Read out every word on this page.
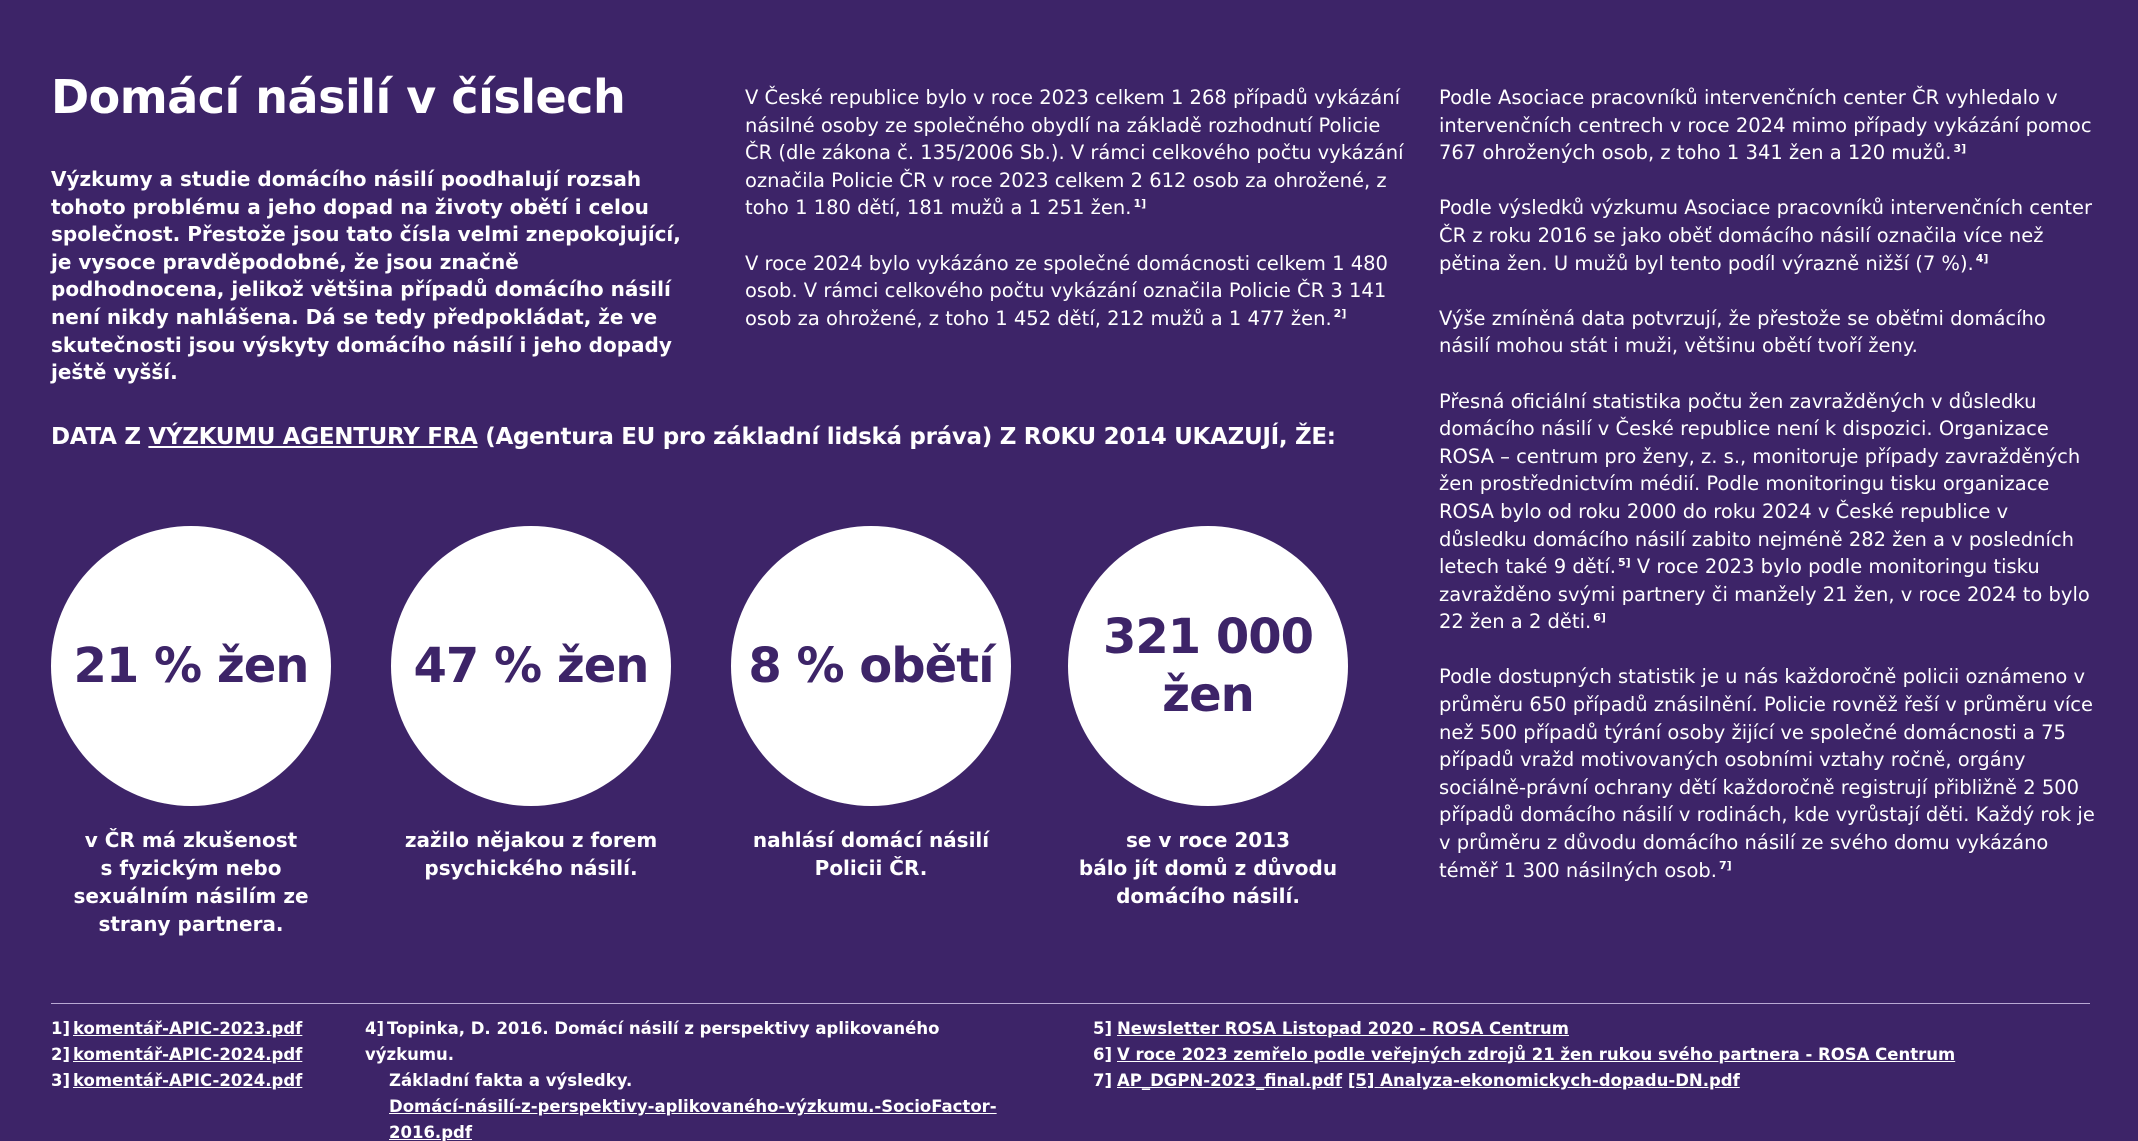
Domácí násilí v číslech

Výzkumy a studie domácího násilí poodhalují rozsah tohoto problému a jeho dopad na životy obětí i celou společnost. Přestože jsou tato čísla velmi znepokojující, je vysoce pravděpodobné, že jsou značně podhodnocena, jelikož většina případů domácího násilí není nikdy nahlášena. Dá se tedy předpokládat, že ve skutečnosti jsou výskyty domácího násilí i jeho dopady ještě vyšší.

V České republice bylo v roce 2023 celkem 1 268 případů vykázání násilné osoby ze společného obydlí na základě rozhodnutí Policie ČR (dle zákona č. 135/2006 Sb.). V rámci celkového počtu vykázání označila Policie ČR v roce 2023 celkem 2 612 osob za ohrožené, z toho 1 180 dětí, 181 mužů a 1 251 žen. $^{1]}$

V roce 2024 bylo vykázáno ze společné domácnosti celkem 1 480 osob. V rámci celkového počtu vykázání označila Policie ČR 3 141 osob za ohrožené, z toho 1 452 dětí, 212 mužů a 1 477 žen. $^{2]}$

Podle Asociace pracovníků intervenčních center ČR vyhledalo v intervenčních centrech v roce 2024 mimo případy vykázání pomoc 767 ohrožených osob, z toho 1 341 žen a 120 mužů. $^{3]}$

Podle výsledků výzkumu Asociace pracovníků intervenčních center ČR z roku 2016 se jako oběť domácího násilí označila více než pětina žen. U mužů byl tento podíl výrazně nižší (7 %). $^{4]}$

Výše zmíněná data potvrzují, že přestože se oběťmi domácího násilí mohou stát i muži, většinu obětí tvoří ženy.

Přesná oficiální statistika počtu žen zavražděných v důsledku domácího násilí v České republice není k dispozici. Organizace ROSA – centrum pro ženy, z. s., monitoruje případy zavražděných žen prostřednictvím médií. Podle monitoringu tisku organizace ROSA bylo od roku 2000 do roku 2024 v České republice v důsledku domácího násilí zabito nejméně 282 žen a v posledních letech také 9 dětí. $^{5]}$ V roce 2023 bylo podle monitoringu tisku zavražděno svými partnery či manžely 21 žen, v roce 2024 to bylo 22 žen a 2 děti. $^{6]}$

Podle dostupných statistik je u nás každoročně policii oznámeno v průměru 650 případů znásilnění. Policie rovněž řeší v průměru více než 500 případů týrání osoby žijící ve společné domácnosti a 75 případů vražd motivovaných osobními vztahy ročně, orgány sociálně-právní ochrany dětí každoročně registrují přibližně 2 500 případů domácího násilí v rodinách, kde vyrůstají děti. Každý rok je v průměru z důvodu domácího násilí ze svého domu vykázáno téměř 1 300 násilných osob. $^{7]}$

DATA Z VÝZKUMU AGENTURY FRA (Agentura EU pro základní lidská práva) Z ROKU 2014 UKAZUJÍ, ŽE:
21 % žen 47 % žen 8 % obětí
321 000
žen

v ČR má zkušenost
s fyzickým nebo
sexuálním násilím ze
strany partnera.

zažilo nějakou z forem
psychického násilí.

nahlásí domácí násilí
Policii ČR.

se v roce 2013
bálo jít domů z důvodu
domácího násilí.

1] komentář-APIC-2023.pdf
2] komentář-APIC-2024.pdf
3] komentář-APIC-2024.pdf
4] Topinka, D. 2016. Domácí násilí z perspektivy aplikovaného výzkumu.
Základní fakta a výsledky.
Domácí-násilí-z-perspektivy-aplikovaného-výzkumu.-SocioFactor-2016.pdf
5] Newsletter ROSA Listopad 2020 - ROSA Centrum
6] V roce 2023 zemřelo podle veřejných zdrojů 21 žen rukou svého partnera - ROSA Centrum
7] AP_DGPN-2023_final.pdf [5] Analyza-ekonomickych-dopadu-DN.pdf
